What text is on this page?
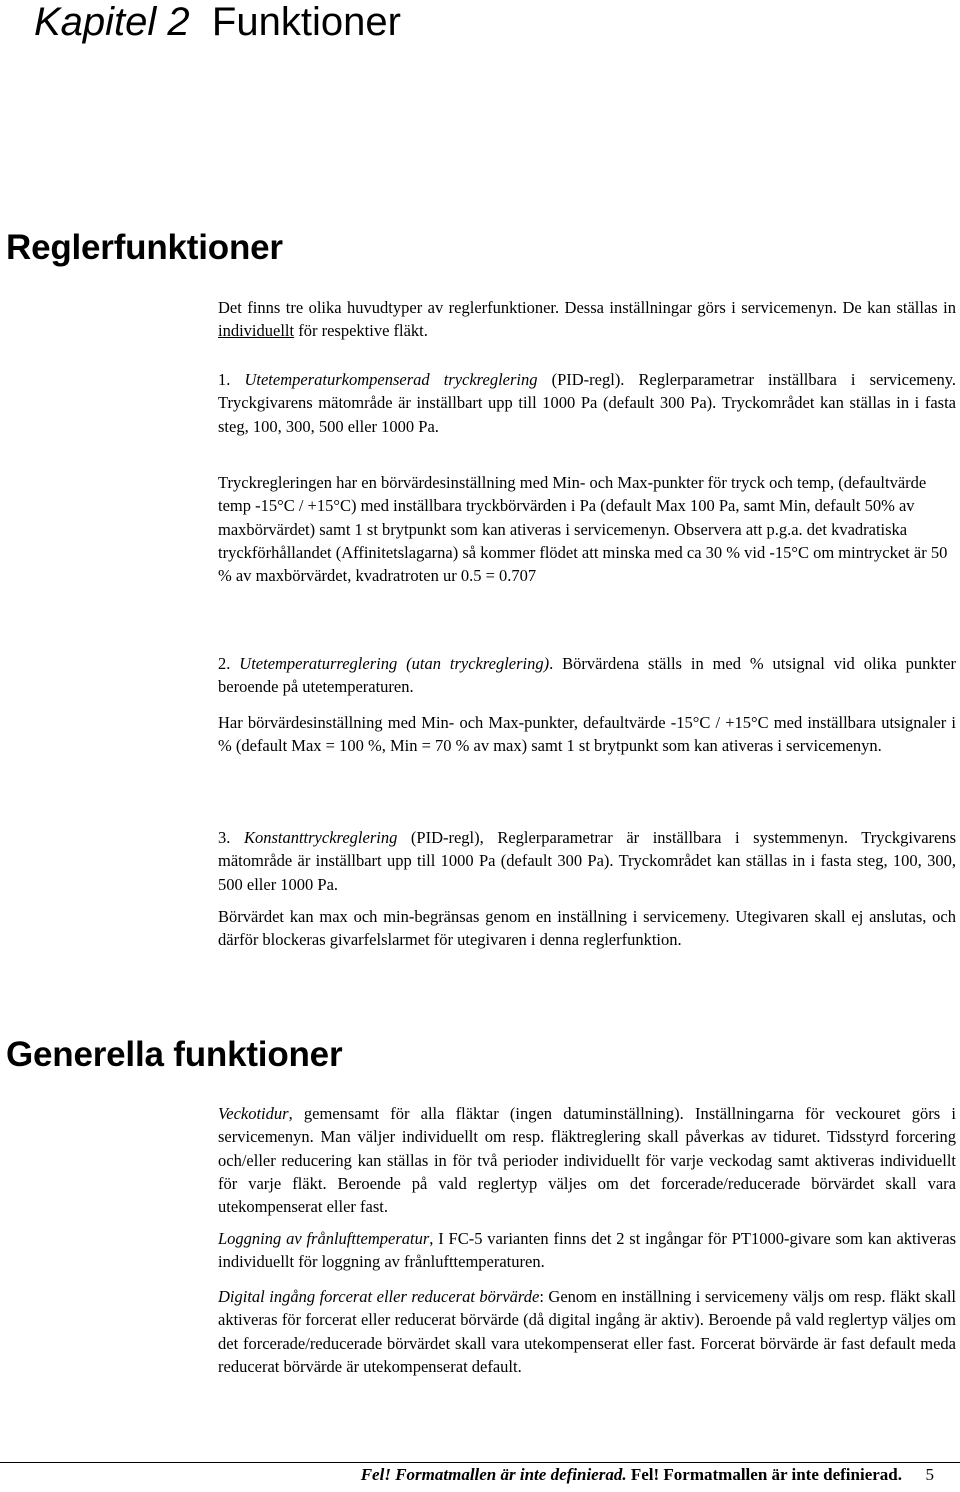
Kapitel 2 Funktioner
Reglerfunktioner

Det finns tre olika huvudtyper av reglerfunktioner. Dessa inställningar görs i servicemenyn. De kan ställas in individuellt för respektive fläkt.

1. Utetemperaturkompenserad tryckreglering (PID-regl). Reglerparametrar inställbara i servicemeny. Tryckgivarens mätområde är inställbart upp till 1000 Pa (default 300 Pa). Tryckområdet kan ställas in i fasta steg, 100, 300, 500 eller 1000 Pa.

Tryckregleringen har en börvärdesinställning med Min- och Max-punkter för tryck och temp, (defaultvärde temp -15°C / +15°C) med inställbara tryckbörvärden i Pa (default Max 100 Pa, samt Min, default 50% av maxbörvärdet) samt 1 st brytpunkt som kan ativeras i servicemenyn. Observera att p.g.a. det kvadratiska tryckförhållandet (Affinitetslagarna) så kommer flödet att minska med ca 30 % vid -15°C om mintrycket är 50 % av maxbörvärdet, kvadratroten ur 0.5 = 0.707

2. Utetemperaturreglering (utan tryckreglering). Börvärdena ställs in med % utsignal vid olika punkter beroende på utetemperaturen.

Har börvärdesinställning med Min- och Max-punkter, defaultvärde -15°C / +15°C med inställbara utsignaler i % (default Max = 100 %, Min = 70 % av max) samt 1 st brytpunkt som kan ativeras i servicemenyn.

3. Konstanttryckreglering (PID-regl), Reglerparametrar är inställbara i systemmenyn. Tryckgivarens mätområde är inställbart upp till 1000 Pa (default 300 Pa). Tryckområdet kan ställas in i fasta steg, 100, 300, 500 eller 1000 Pa.

Börvärdet kan max och min-begränsas genom en inställning i servicemeny. Utegivaren skall ej anslutas, och därför blockeras givarfelslarmet för utegivaren i denna reglerfunktion.

Generella funktioner

Veckotidur, gemensamt för alla fläktar (ingen datuminställning). Inställningarna för veckouret görs i servicemenyn. Man väljer individuellt om resp. fläktreglering skall påverkas av tiduret. Tidsstyrd forcering och/eller reducering kan ställas in för två perioder individuellt för varje veckodag samt aktiveras individuellt för varje fläkt. Beroende på vald reglertyp väljes om det forcerade/reducerade börvärdet skall vara utekompenserat eller fast.

Loggning av frånlufttemperatur, I FC-5 varianten finns det 2 st ingångar för PT1000-givare som kan aktiveras individuellt för loggning av frånlufttemperaturen.

Digital ingång forcerat eller reducerat börvärde: Genom en inställning i servicemeny väljs om resp. fläkt skall aktiveras för forcerat eller reducerat börvärde (då digital ingång är aktiv). Beroende på vald reglertyp väljes om det forcerade/reducerade börvärdet skall vara utekompenserat eller fast. Forcerat börvärde är fast default meda reducerat börvärde är utekompenserat default.

Fel! Formatmallen är inte definierad. Fel! Formatmallen är inte definierad. 5
